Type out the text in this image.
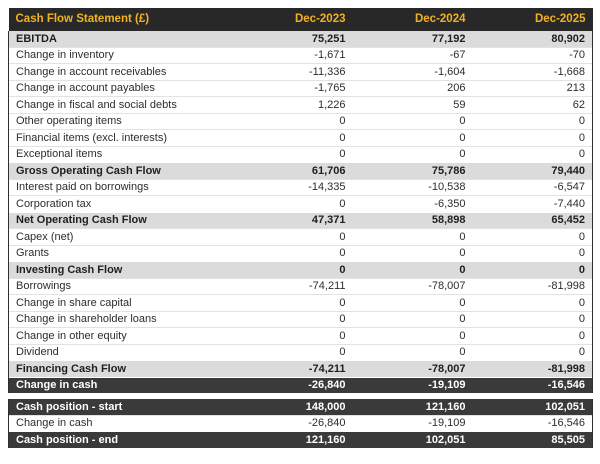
Cash Flow Statement (£)	Dec-2023	Dec-2024	Dec-2025
EBITDA	75,251	77,192	80,902
Change in inventory	-1,671	-67	-70
Change in account receivables	-11,336	-1,604	-1,668
Change in account payables	-1,765	206	213
Change in fiscal and social debts	1,226	59	62
Other operating items	0	0	0
Financial items (excl. interests)	0	0	0
Exceptional items	0	0	0
Gross Operating Cash Flow	61,706	75,786	79,440
Interest paid on borrowings	-14,335	-10,538	-6,547
Corporation tax	0	-6,350	-7,440
Net Operating Cash Flow	47,371	58,898	65,452
Capex (net)	0	0	0
Grants	0	0	0
Investing Cash Flow	0	0	0
Borrowings	-74,211	-78,007	-81,998
Change in share capital	0	0	0
Change in shareholder loans	0	0	0
Change in other equity	0	0	0
Dividend	0	0	0
Financing Cash Flow	-74,211	-78,007	-81,998
Change in cash	-26,840	-19,109	-16,546

Cash position - start	148,000	121,160	102,051
Change in cash	-26,840	-19,109	-16,546
Cash position - end	121,160	102,051	85,505
